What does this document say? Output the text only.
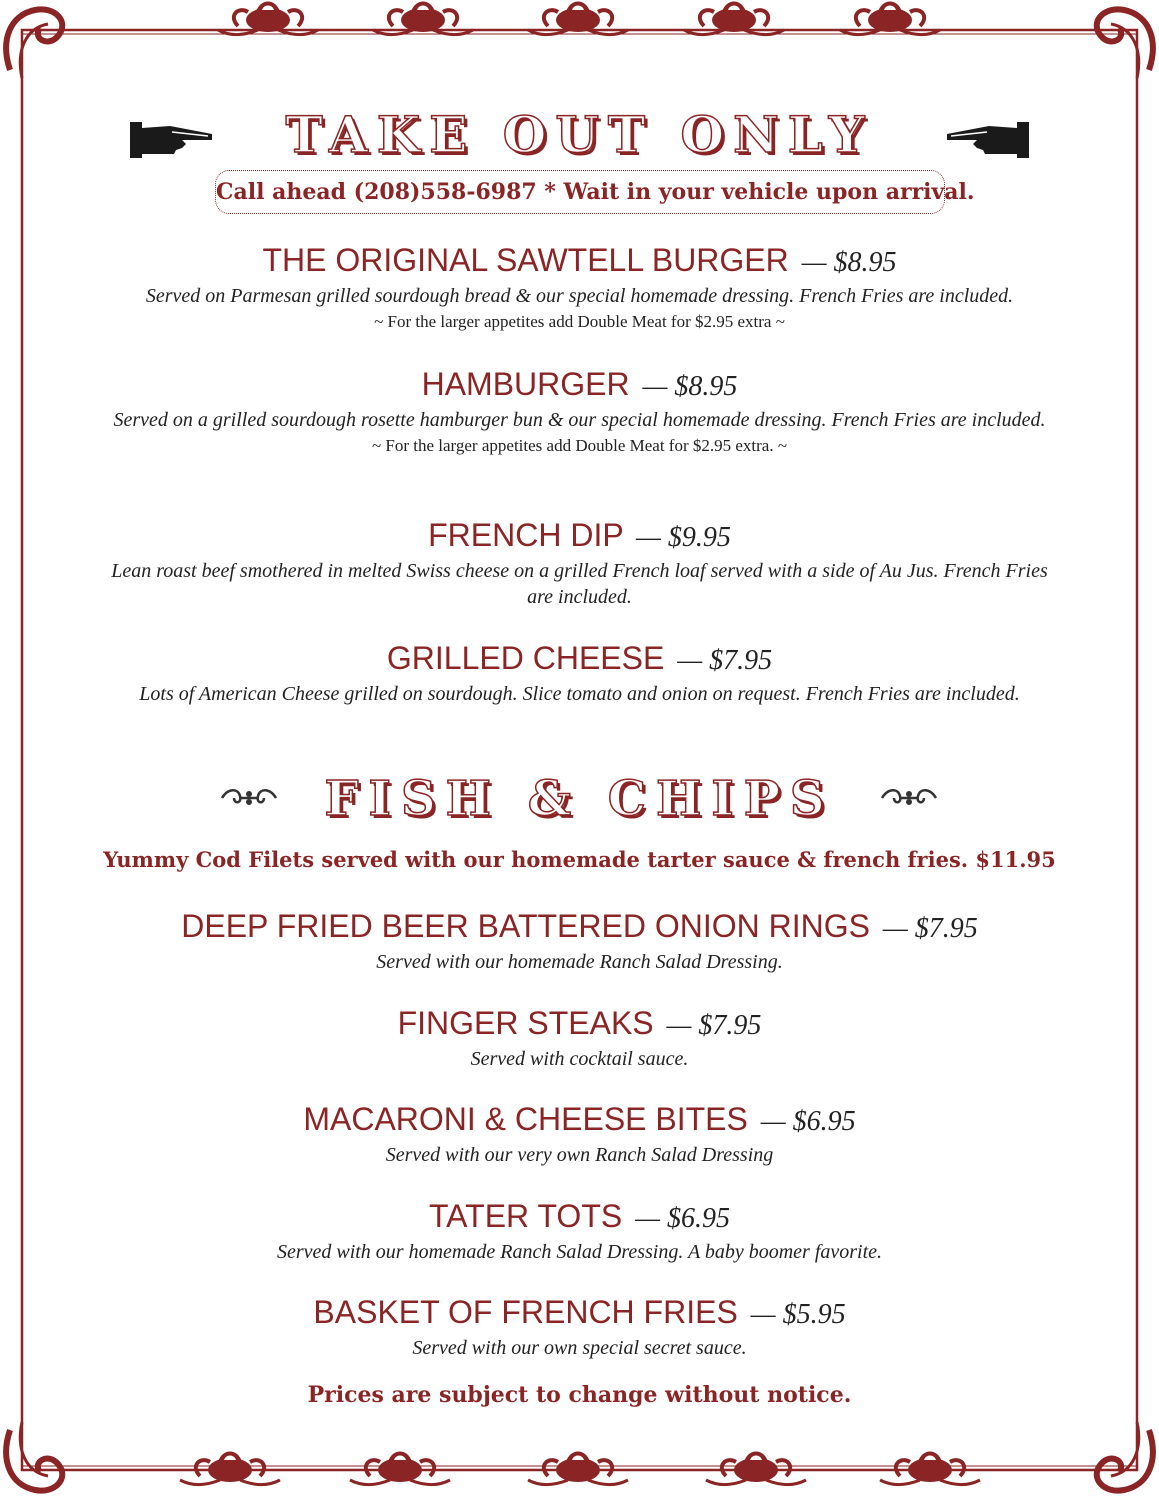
TAKE OUT ONLY
Call ahead (208)558-6987 * Wait in your vehicle upon arrival.
THE ORIGINAL SAWTELL BURGER — $8.95
Served on Parmesan grilled sourdough bread & our special homemade dressing. French Fries are included.
~ For the larger appetites add Double Meat for $2.95 extra ~
HAMBURGER — $8.95
Served on a grilled sourdough rosette hamburger bun & our special homemade dressing. French Fries are included.
~ For the larger appetites add Double Meat for $2.95 extra. ~
FRENCH DIP — $9.95
Lean roast beef smothered in melted Swiss cheese on a grilled French loaf served with a side of Au Jus. French Fries are included.
GRILLED CHEESE — $7.95
Lots of American Cheese grilled on sourdough. Slice tomato and onion on request. French Fries are included.
FISH & CHIPS
Yummy Cod Filets served with our homemade tarter sauce & french fries. $11.95
DEEP FRIED BEER BATTERED ONION RINGS — $7.95
Served with our homemade Ranch Salad Dressing.
FINGER STEAKS — $7.95
Served with cocktail sauce.
MACARONI & CHEESE BITES — $6.95
Served with our very own Ranch Salad Dressing
TATER TOTS — $6.95
Served with our homemade Ranch Salad Dressing. A baby boomer favorite.
BASKET OF FRENCH FRIES — $5.95
Served with our own special secret sauce.
Prices are subject to change without notice.
